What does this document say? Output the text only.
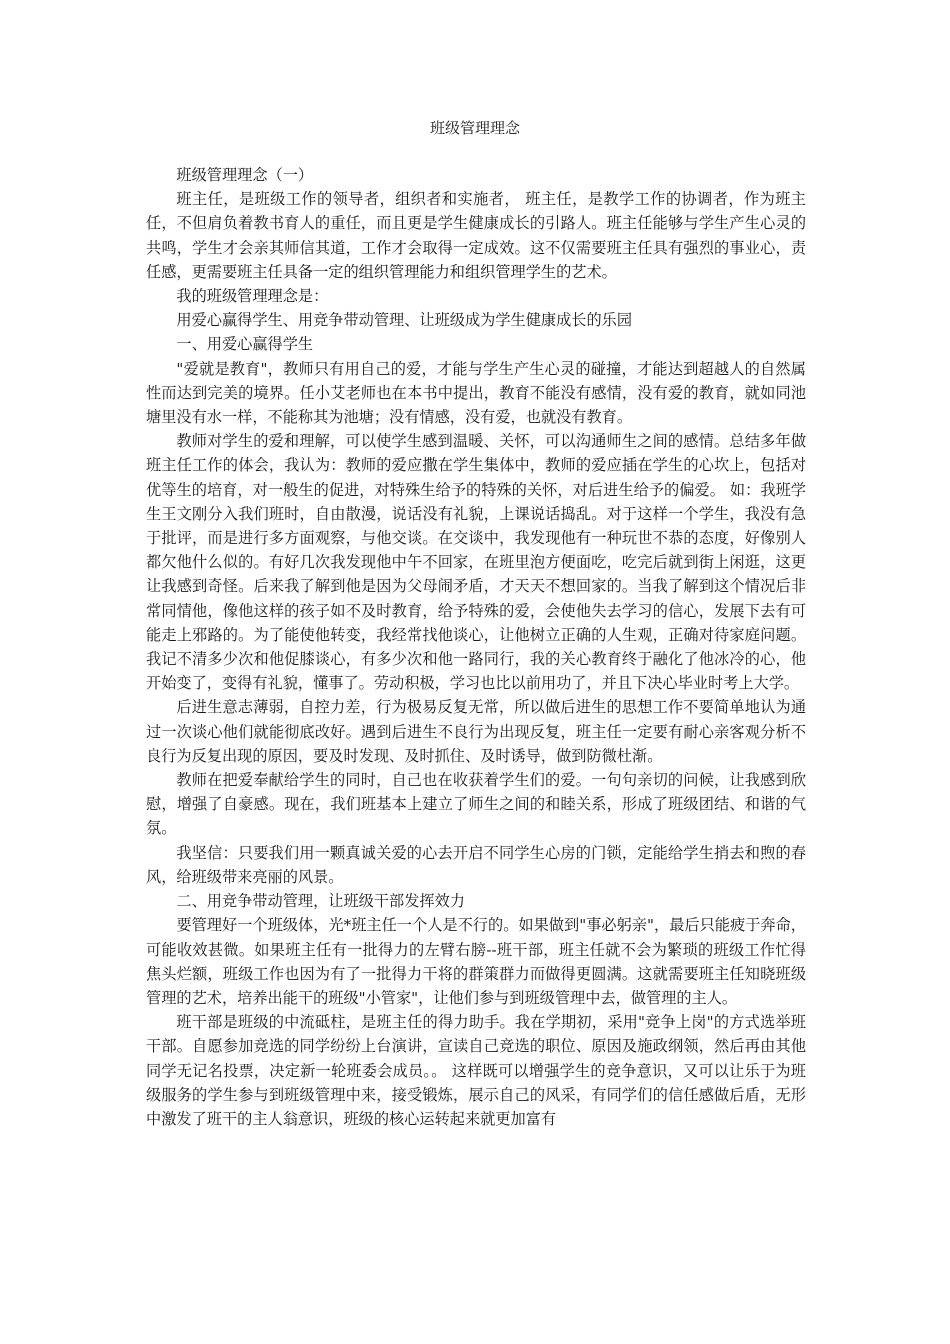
班级管理理念

班级管理理念（一）

班主任，是班级工作的领导者，组织者和实施者， 班主任，是教学工作的协调者，作为班主任，不但肩负着教书育人的重任，而且更是学生健康成长的引路人。班主任能够与学生产生心灵的共鸣，学生才会亲其师信其道，工作才会取得一定成效。这不仅需要班主任具有强烈的事业心，责任感，更需要班主任具备一定的组织管理能力和组织管理学生的艺术。

我的班级管理理念是：

用爱心赢得学生、用竞争带动管理、让班级成为学生健康成长的乐园

一、用爱心赢得学生

"爱就是教育"，教师只有用自己的爱，才能与学生产生心灵的碰撞，才能达到超越人的自然属性而达到完美的境界。任小艾老师也在本书中提出，教育不能没有感情，没有爱的教育，就如同池塘里没有水一样，不能称其为池塘；没有情感，没有爱，也就没有教育。

教师对学生的爱和理解，可以使学生感到温暖、关怀，可以沟通师生之间的感情。总结多年做班主任工作的体会，我认为：教师的爱应撒在学生集体中，教师的爱应插在学生的心坎上，包括对优等生的培育，对一般生的促进，对特殊生给予的特殊的关怀，对后进生给予的偏爱。 如：我班学生王文刚分入我们班时，自由散漫，说话没有礼貌，上课说话捣乱。对于这样一个学生，我没有急于批评，而是进行多方面观察，与他交谈。在交谈中，我发现他有一种玩世不恭的态度，好像别人都欠他什么似的。有好几次我发现他中午不回家，在班里泡方便面吃，吃完后就到街上闲逛，这更让我感到奇怪。后来我了解到他是因为父母闹矛盾，才天天不想回家的。当我了解到这个情况后非常同情他，像他这样的孩子如不及时教育，给予特殊的爱，会使他失去学习的信心，发展下去有可能走上邪路的。为了能使他转变，我经常找他谈心，让他树立正确的人生观，正确对待家庭问题。我记不清多少次和他促膝谈心，有多少次和他一路同行，我的关心教育终于融化了他冰冷的心，他开始变了，变得有礼貌，懂事了。劳动积极，学习也比以前用功了，并且下决心毕业时考上大学。

后进生意志薄弱，自控力差，行为极易反复无常，所以做后进生的思想工作不要简单地认为通过一次谈心他们就能彻底改好。遇到后进生不良行为出现反复，班主任一定要有耐心亲客观分析不良行为反复出现的原因，要及时发现、及时抓住、及时诱导，做到防微杜渐。

教师在把爱奉献给学生的同时，自己也在收获着学生们的爱。一句句亲切的问候，让我感到欣慰，增强了自豪感。现在，我们班基本上建立了师生之间的和睦关系，形成了班级团结、和谐的气氛。

我坚信：只要我们用一颗真诚关爱的心去开启不同学生心房的门锁，定能给学生捎去和煦的春风，给班级带来亮丽的风景。

二、用竞争带动管理，让班级干部发挥效力

要管理好一个班级体，光*班主任一个人是不行的。如果做到"事必躬亲"，最后只能疲于奔命，可能收效甚微。如果班主任有一批得力的左臂右膀--班干部，班主任就不会为繁琐的班级工作忙得焦头烂额，班级工作也因为有了一批得力干将的群策群力而做得更圆满。这就需要班主任知晓班级管理的艺术，培养出能干的班级"小管家"，让他们参与到班级管理中去，做管理的主人。

班干部是班级的中流砥柱，是班主任的得力助手。我在学期初，采用"竞争上岗"的方式选举班干部。自愿参加竞选的同学纷纷上台演讲，宣读自己竞选的职位、原因及施政纲领，然后再由其他同学无记名投票，决定新一轮班委会成员。。 这样既可以增强学生的竞争意识，又可以让乐于为班级服务的学生参与到班级管理中来，接受锻炼，展示自己的风采，有同学们的信任感做后盾，无形中激发了班干的主人翁意识，班级的核心运转起来就更加富有
